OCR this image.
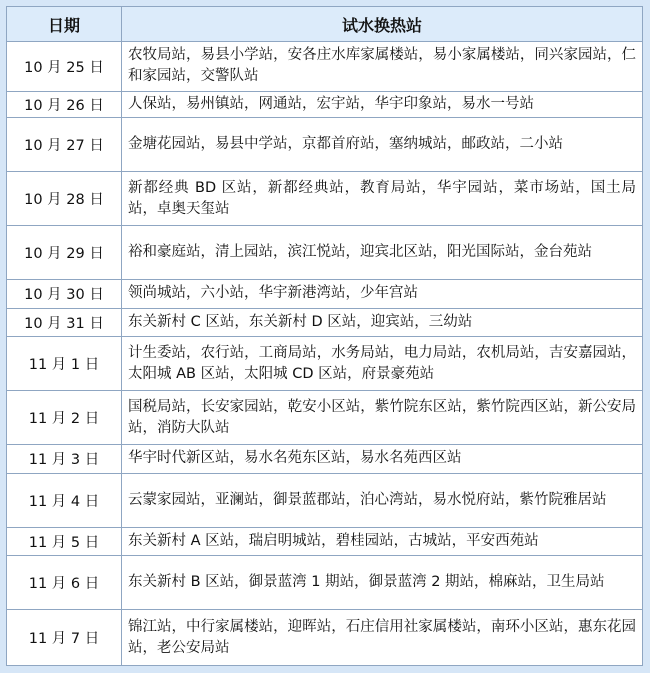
日期	试水换热站
10 月 25 日	农牧局站，易县小学站，安各庄水库家属楼站，易小家属楼站，同兴家园站，仁和家园站，交警队站
10 月 26 日	人保站，易州镇站，网通站，宏宇站，华宇印象站，易水一号站
10 月 27 日	金塘花园站，易县中学站，京都首府站，塞纳城站，邮政站，二小站
10 月 28 日	新都经典 BD 区站，新都经典站，教育局站，华宇园站，菜市场站，国土局站，卓奥天玺站
10 月 29 日	裕和豪庭站，清上园站，滨江悦站，迎宾北区站，阳光国际站，金台苑站
10 月 30 日	领尚城站，六小站，华宇新港湾站，少年宫站
10 月 31 日	东关新村 C 区站，东关新村 D 区站，迎宾站，三幼站
11 月 1 日	计生委站，农行站，工商局站，水务局站，电力局站，农机局站，吉安嘉园站，太阳城 AB 区站，太阳城 CD 区站，府景豪苑站
11 月 2 日	国税局站，长安家园站，乾安小区站，紫竹院东区站，紫竹院西区站，新公安局站，消防大队站
11 月 3 日	华宇时代新区站，易水名苑东区站，易水名苑西区站
11 月 4 日	云蒙家园站，亚澜站，御景蓝郡站，泊心湾站，易水悦府站，紫竹院雅居站
11 月 5 日	东关新村 A 区站，瑞启明城站，碧桂园站，古城站，平安西苑站
11 月 6 日	东关新村 B 区站，御景蓝湾 1 期站，御景蓝湾 2 期站，棉麻站，卫生局站
11 月 7 日	锦江站，中行家属楼站，迎晖站，石庄信用社家属楼站，南环小区站，惠东花园站，老公安局站
